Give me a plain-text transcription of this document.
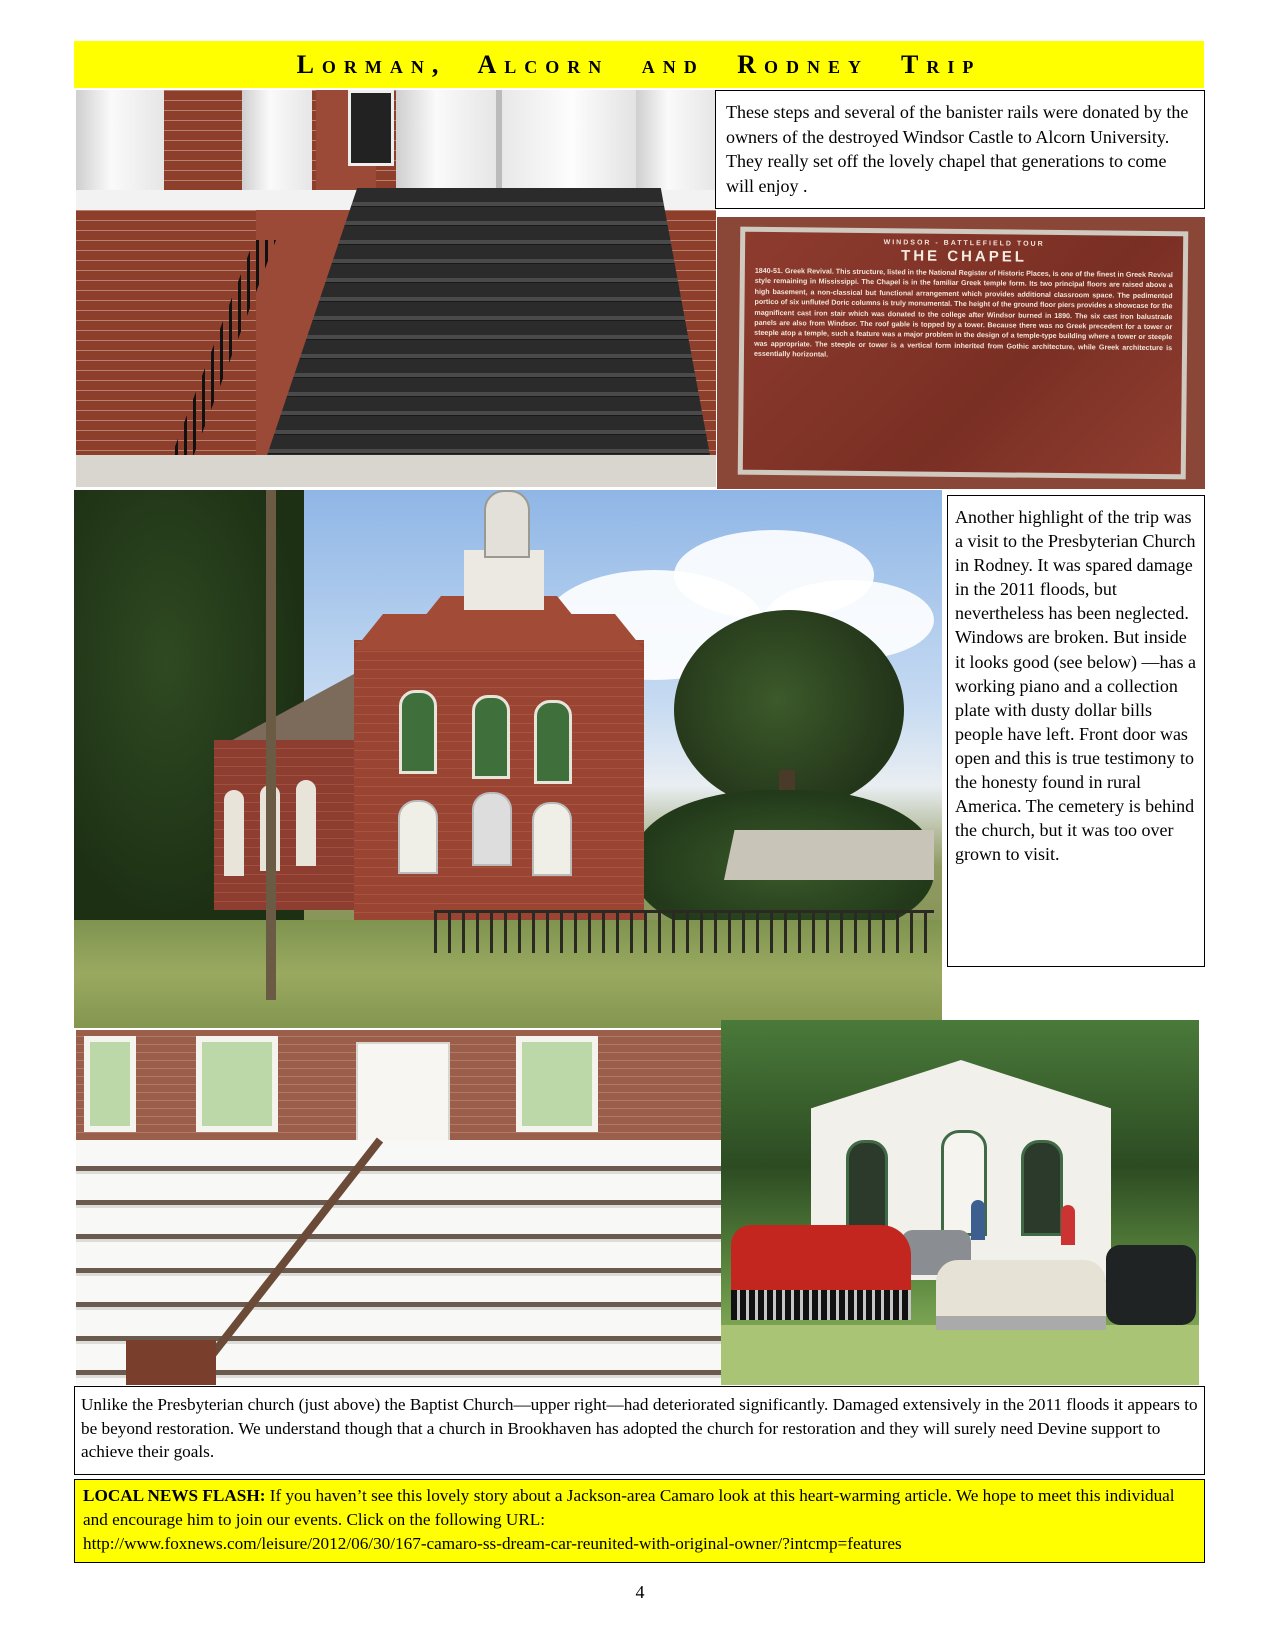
Lorman, Alcorn and Rodney Trip
These steps and several of the banister rails were donated by the owners of the destroyed Windsor Castle to Alcorn University. They really set off the lovely chapel that generations to come will enjoy .
WINDSOR - BATTLEFIELD TOUR
THE CHAPEL
1840-51. Greek Revival. This structure, listed in the National Register of Historic Places, is one of the finest in Greek Revival style remaining in Mississippi. The Chapel is in the familiar Greek temple form. Its two principal floors are raised above a high basement, a non-classical but functional arrangement which provides additional classroom space. The pedimented portico of six unfluted Doric columns is truly monumental. The height of the ground floor piers provides a showcase for the magnificent cast iron stair which was donated to the college after Windsor burned in 1890. The six cast iron balustrade panels are also from Windsor. The roof gable is topped by a tower. Because there was no Greek precedent for a tower or steeple atop a temple, such a feature was a major problem in the design of a temple-type building where a tower or steeple was appropriate. The steeple or tower is a vertical form inherited from Gothic architecture, while Greek architecture is essentially horizontal.
Another highlight of the trip was a visit to the Presbyterian Church in Rodney. It was spared damage in the 2011 floods, but nevertheless has been neglected. Windows are broken. But inside it looks good (see below) —has a working piano and a collection plate with dusty dollar bills people have left. Front door was open and this is true testimony to the honesty found in rural America. The cemetery is behind the church, but it was too over grown to visit.
Unlike the Presbyterian church (just above) the Baptist Church—upper right—had deteriorated significantly. Damaged extensively in the 2011 floods it appears to be beyond restoration. We understand though that a church in Brookhaven has adopted the church for restoration and they will surely need Devine support to achieve their goals.
LOCAL NEWS FLASH: If you haven’t see this lovely story about a Jackson-area Camaro look at this heart-warming article. We hope to meet this individual and encourage him to join our events. Click on the following URL:
http://www.foxnews.com/leisure/2012/06/30/167-camaro-ss-dream-car-reunited-with-original-owner/?intcmp=features
4
